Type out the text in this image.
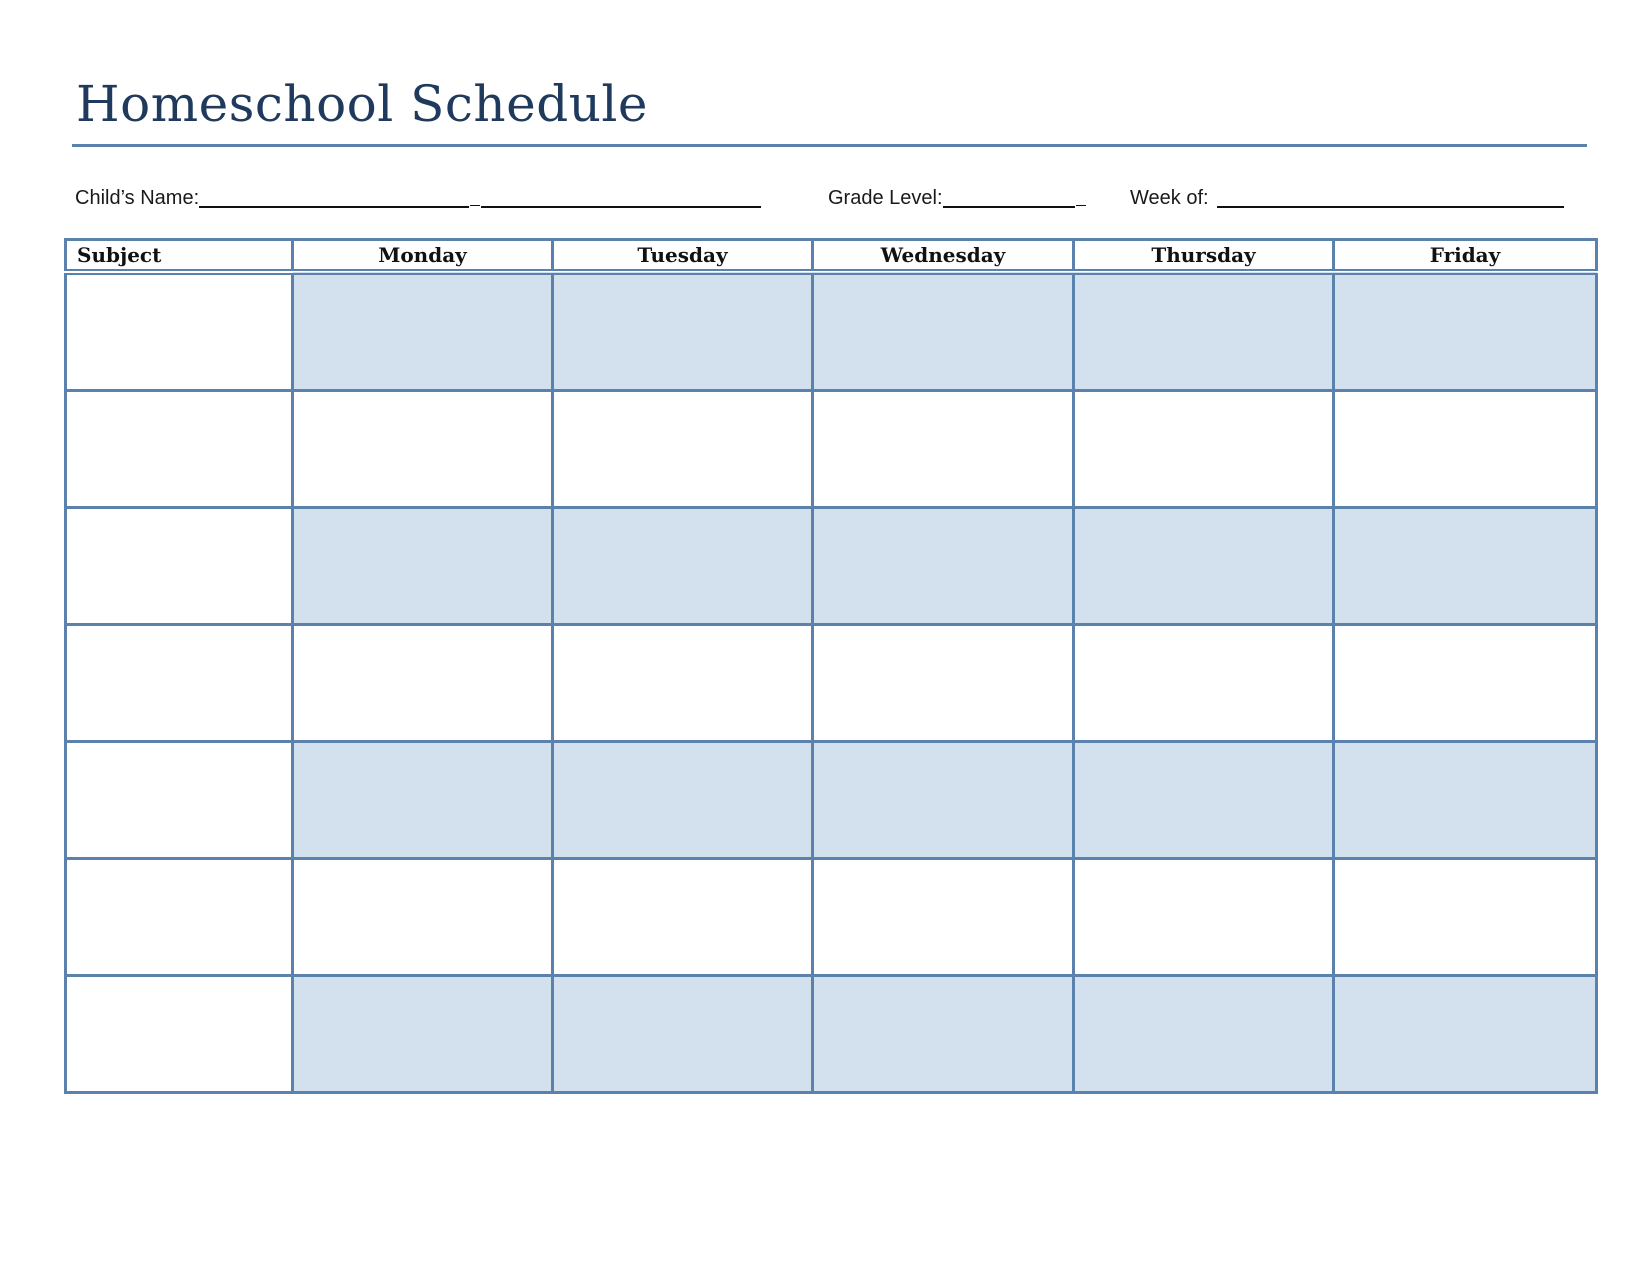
Homeschool Schedule
Child’s Name:	Grade Level:	Week of:
Subject	Monday	Tuesday	Wednesday	Thursday	Friday
